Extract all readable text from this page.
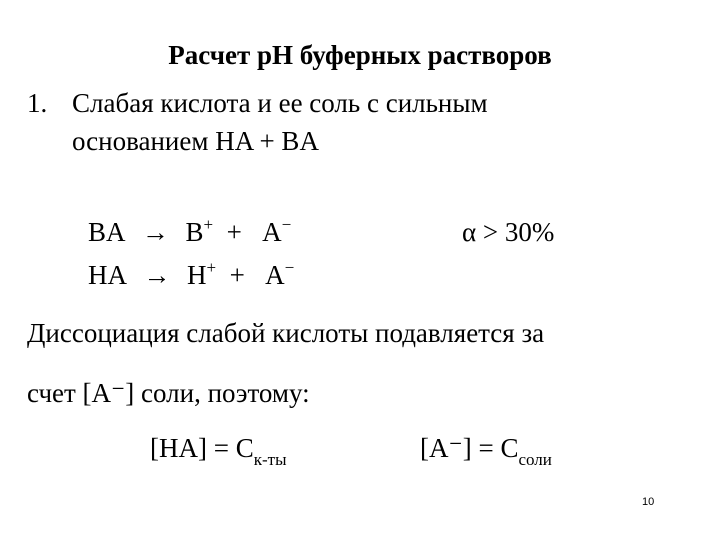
Расчет pH буферных растворов
1. Слабая кислота и ее соль с сильным
основанием HA + BA
BA → B+ + A−	α > 30%
HA → H+ + A−
Диссоциация слабой кислоты подавляется за
счет [A⁻] соли, поэтому:
$[HA] = C_{к-ты}$	$[A^-] = C_{соли}$
10
